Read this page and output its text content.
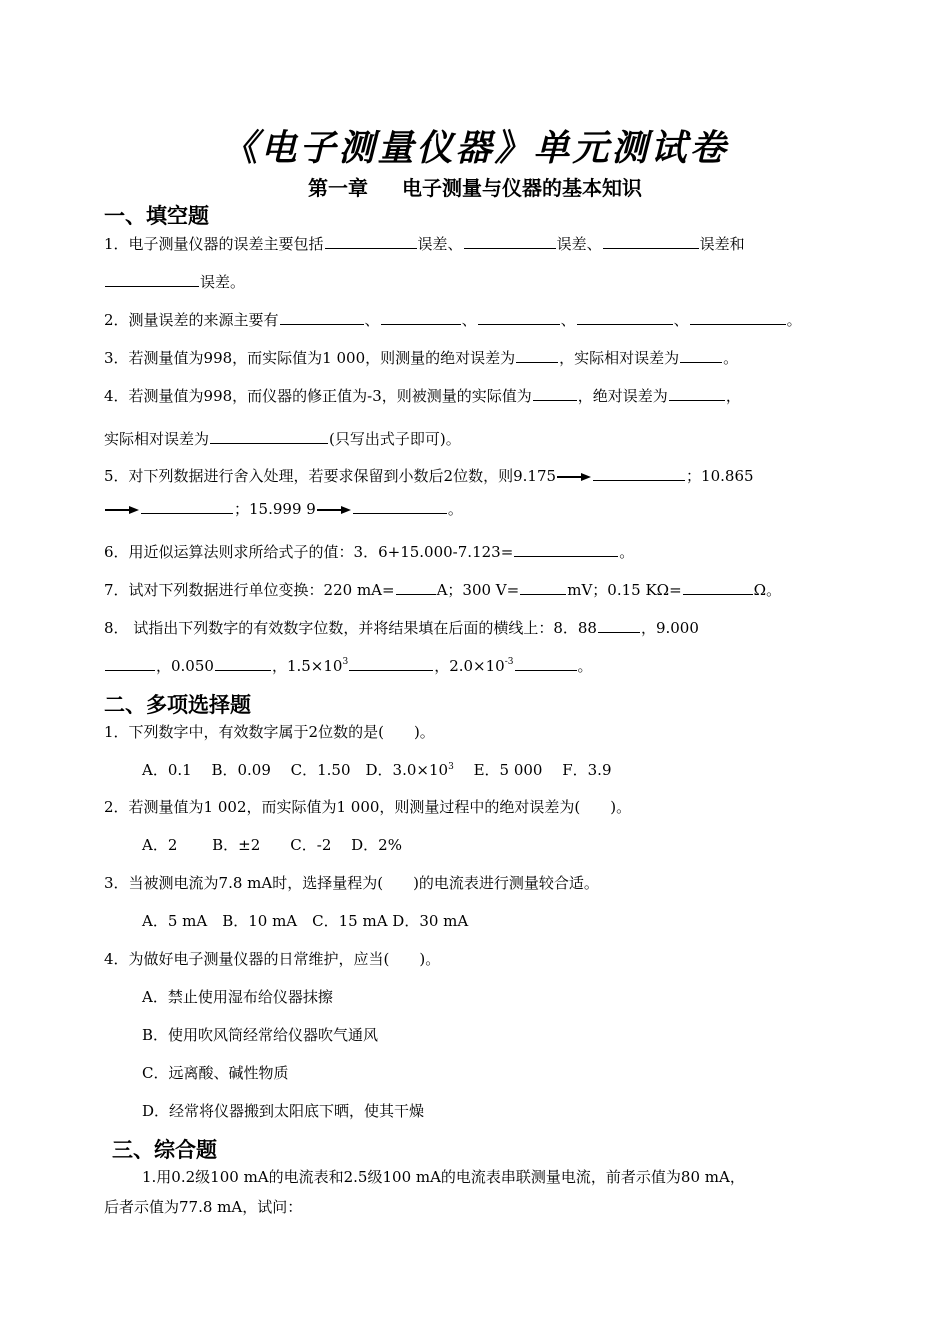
《电子测量仪器》单元测试卷
第一章 电子测量与仪器的基本知识
一、填空题
1．电子测量仪器的误差主要包括	误差、	误差、	误差和
误差。
2．测量误差的来源主要有	、	、	、	、	。
3．若测量值为998，而实际值为1 000，则测量的绝对误差为	，实际相对误差为	。
4．若测量值为998，而仪器的修正值为-3，则被测量的实际值为	，绝对误差为	，
实际相对误差为	(只写出式子即可)。
5．对下列数据进行舍入处理，若要求保留到小数后2位数，则9.175	；10.865
；15.999 9	。
6．用近似运算法则求所给式子的值：3．6+15.000-7.123=	。
7．试对下列数据进行单位变换：220 mA=	A；300 V=	mV；0.15 KΩ=	Ω。
8． 试指出下列数字的有效数字位数，并将结果填在后面的横线上：8．88	，9.000
，0.050	，$1.5\times 10^3$	，$2.0\times 10^{-3}$	。
二、多项选择题
1．下列数字中，有效数字属于2位数的是(　　)。
A．0.1　 B．0.09　 C．1.50　D．$3.0\times 10^3$　 E．5 000　 F．3.9
2．若测量值为1 002，而实际值为1 000，则测量过程中的绝对误差为(　　)。
A．2　　 B．±2　　C．-2　 D．2%
3．当被测电流为7.8 mA时，选择量程为(　　)的电流表进行测量较合适。
A．5 mA　B．10 mA　C．15 mA D．30 mA
4．为做好电子测量仪器的日常维护，应当(　　)。
A．禁止使用湿布给仪器抹擦
B．使用吹风筒经常给仪器吹气通风
C．远离酸、碱性物质
D．经常将仪器搬到太阳底下晒，使其干燥
三、综合题
1.用0.2级100 mA的电流表和2.5级100 mA的电流表串联测量电流，前者示值为80 mA，
后者示值为77.8 mA，试问：
